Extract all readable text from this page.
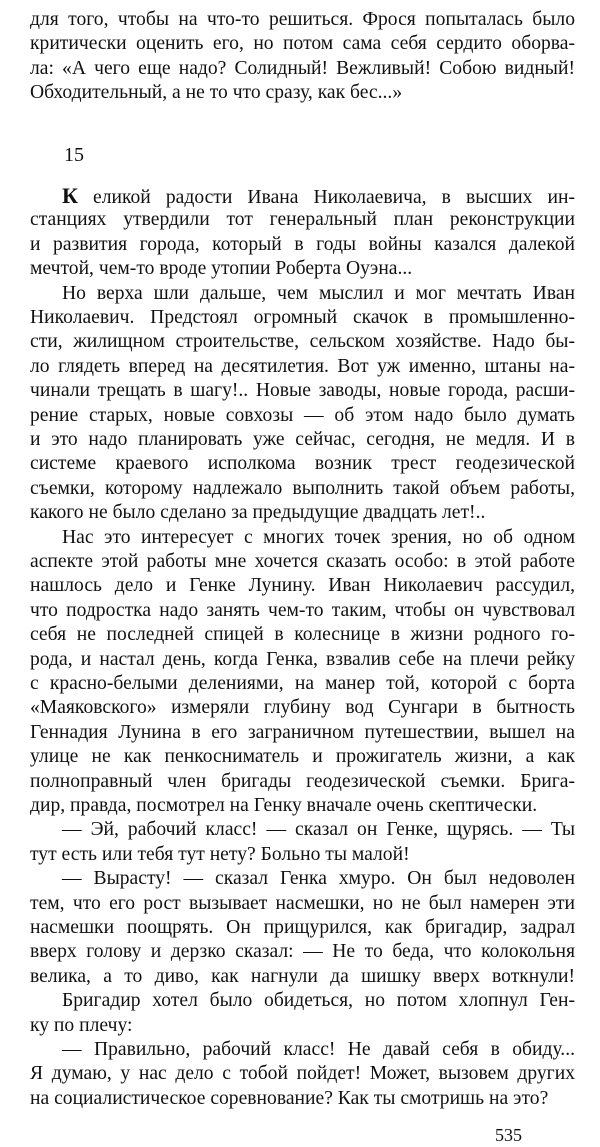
для того, чтобы на что-то решиться. Фрося попыталась было
критически оценить его, но потом сама себя сердито оборва-
ла: «А чего еще надо? Солидный! Вежливый! Собою видный!
Обходительный, а не то что сразу, как бес...»
15
К еликой радости Ивана Николаевича, в высших ин-
станциях утвердили тот генеральный план реконструкции
и развития города, который в годы войны казался далекой
мечтой, чем-то вроде утопии Роберта Оуэна...
Но верха шли дальше, чем мыслил и мог мечтать Иван
Николаевич. Предстоял огромный скачок в промышленно-
сти, жилищном строительстве, сельском хозяйстве. Надо бы-
ло глядеть вперед на десятилетия. Вот уж именно, штаны на-
чинали трещать в шагу!.. Новые заводы, новые города, расши-
рение старых, новые совхозы — об этом надо было думать
и это надо планировать уже сейчас, сегодня, не медля. И в
системе краевого исполкома возник трест геодезической
съемки, которому надлежало выполнить такой объем работы,
какого не было сделано за предыдущие двадцать лет!..
Нас это интересует с многих точек зрения, но об одном
аспекте этой работы мне хочется сказать особо: в этой работе
нашлось дело и Генке Лунину. Иван Николаевич рассудил,
что подростка надо занять чем-то таким, чтобы он чувствовал
себя не последней спицей в колеснице в жизни родного го-
рода, и настал день, когда Генка, взвалив себе на плечи рейку
с красно-белыми делениями, на манер той, которой с борта
«Маяковского» измеряли глубину вод Сунгари в бытность
Геннадия Лунина в его заграничном путешествии, вышел на
улице не как пенкосниматель и прожигатель жизни, а как
полноправный член бригады геодезической съемки. Брига-
дир, правда, посмотрел на Генку вначале очень скептически.
— Эй, рабочий класс! — сказал он Генке, щурясь. — Ты
тут есть или тебя тут нету? Больно ты малой!
— Вырасту! — сказал Генка хмуро. Он был недоволен
тем, что его рост вызывает насмешки, но не был намерен эти
насмешки поощрять. Он прищурился, как бригадир, задрал
535
вверх голову и дерзко сказал: — Не то беда, что колокольня
велика, а то диво, как нагнули да шишку вверх воткнули!
Бригадир хотел было обидеться, но потом хлопнул Ген-
ку по плечу:
— Правильно, рабочий класс! Не давай себя в обиду...
Я думаю, у нас дело с тобой пойдет! Может, вызовем других
на социалистическое соревнование? Как ты смотришь на это?
